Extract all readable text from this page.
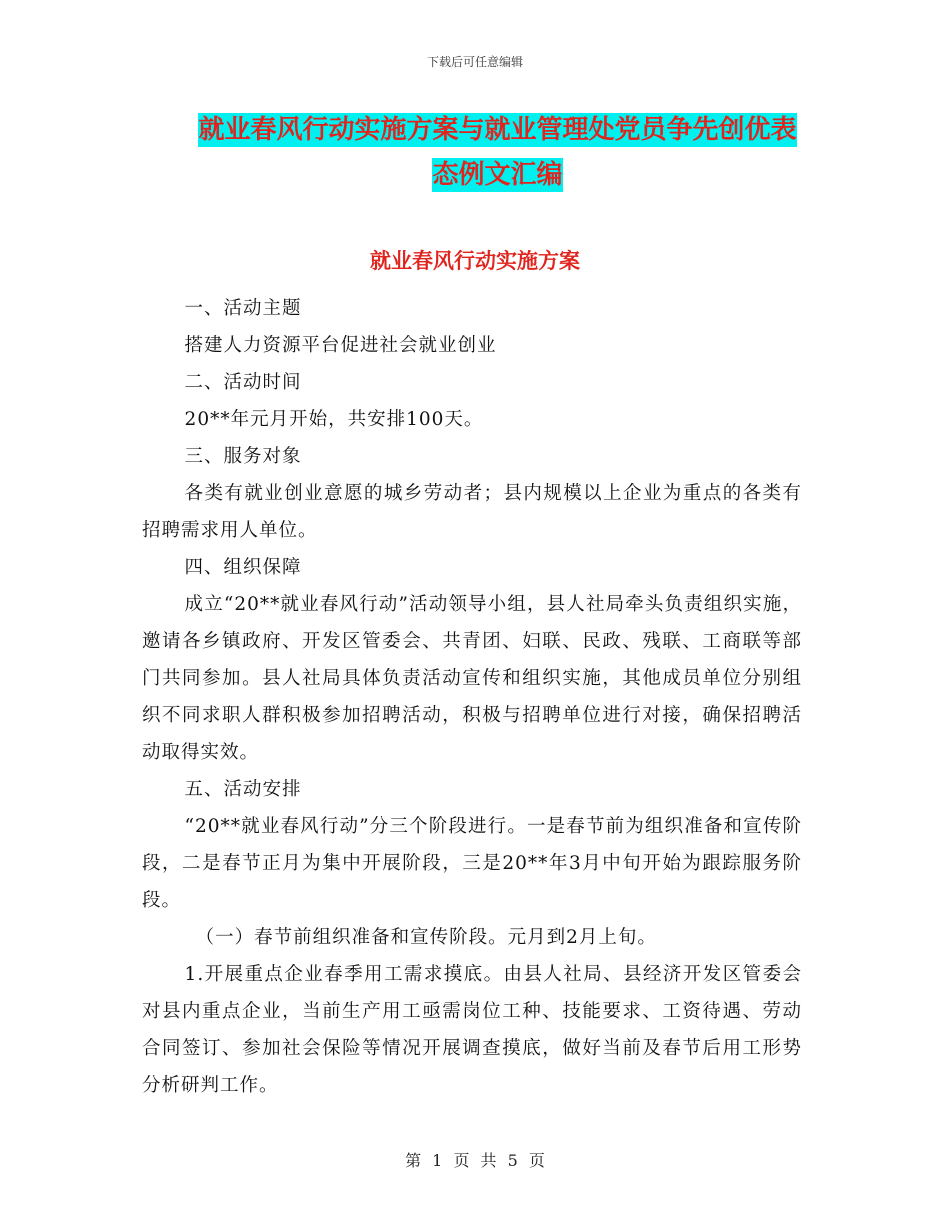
下载后可任意编辑
就业春风行动实施方案与就业管理处党员争先创优表
态例文汇编
就业春风行动实施方案

一、活动主题

搭建人力资源平台促进社会就业创业

二、活动时间

20**年元月开始，共安排100天。

三、服务对象

各类有就业创业意愿的城乡劳动者；县内规模以上企业为重点的各类有招聘需求用人单位。

四、组织保障

成立“20**就业春风行动”活动领导小组，县人社局牵头负责组织实施，邀请各乡镇政府、开发区管委会、共青团、妇联、民政、残联、工商联等部门共同参加。县人社局具体负责活动宣传和组织实施，其他成员单位分别组织不同求职人群积极参加招聘活动，积极与招聘单位进行对接，确保招聘活动取得实效。

五、活动安排

“20**就业春风行动”分三个阶段进行。一是春节前为组织准备和宣传阶段，二是春节正月为集中开展阶段，三是20**年3月中旬开始为跟踪服务阶段。

（一）春节前组织准备和宣传阶段。元月到2月上旬。

1.开展重点企业春季用工需求摸底。由县人社局、县经济开发区管委会对县内重点企业，当前生产用工亟需岗位工种、技能要求、工资待遇、劳动合同签订、参加社会保险等情况开展调查摸底，做好当前及春节后用工形势分析研判工作。

第 1 页 共 5 页
